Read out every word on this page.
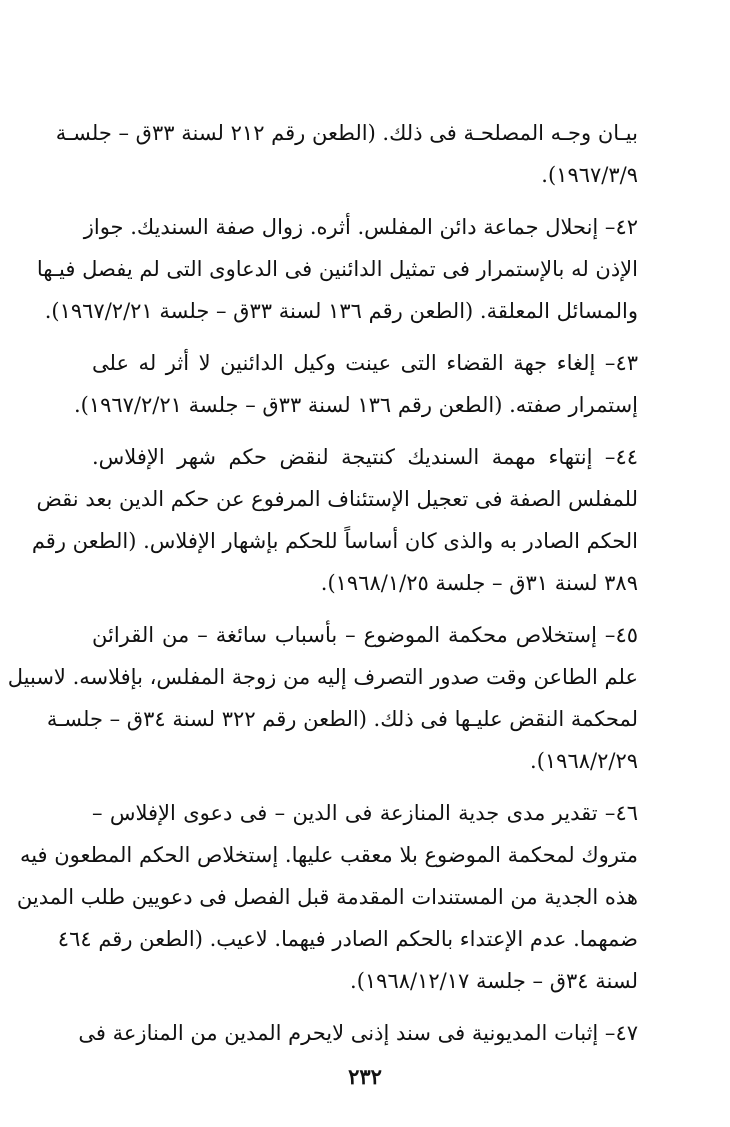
بيـان وجـه المصلحـة فى ذلك. (الطعن رقم ٢١٢ لسنة ٣٣ق – جلسـة
١٩٦٧/٣/٩).
٤٢– إنحلال جماعة دائن المفلس. أثره. زوال صفة السنديك. جواز
الإذن له بالإستمرار فى تمثيل الدائنين فى الدعاوى التى لم يفصل فيـها
والمسائل المعلقة. (الطعن رقم ١٣٦ لسنة ٣٣ق – جلسة ١٩٦٧/٢/٢١).
٤٣– إلغاء جهة القضاء التى عينت وكيل الدائنين لا أثر له على
إستمرار صفته. (الطعن رقم ١٣٦ لسنة ٣٣ق – جلسة ١٩٦٧/٢/٢١).
٤٤– إنتهاء مهمة السنديك كنتيجة لنقض حكم شهر الإفلاس.
للمفلس الصفة فى تعجيل الإستئناف المرفوع عن حكم الدين بعد نقض
الحكم الصادر به والذى كان أساساً للحكم بإشهار الإفلاس. (الطعن رقم
٣٨٩ لسنة ٣١ق – جلسة ١٩٦٨/١/٢٥).
٤٥– إستخلاص محكمة الموضوع – بأسباب سائغة – من القرائن
علم الطاعن وقت صدور التصرف إليه من زوجة المفلس، بإفلاسه. لاسبيل
لمحكمة النقض عليـها فى ذلك. (الطعن رقم ٣٢٢ لسنة ٣٤ق – جلسـة
١٩٦٨/٢/٢٩).
٤٦– تقدير مدى جدية المنازعة فى الدين – فى دعوى الإفلاس –
متروك لمحكمة الموضوع بلا معقب عليها. إستخلاص الحكم المطعون فيه
هذه الجدية من المستندات المقدمة قبل الفصل فى دعويين طلب المدين
ضمهما. عدم الإعتداء بالحكم الصادر فيهما. لاعيب. (الطعن رقم ٤٦٤
لسنة ٣٤ق – جلسة ١٩٦٨/١٢/١٧).
٤٧– إثبات المديونية فى سند إذنى لايحرم المدين من المنازعة فى
٢٣٢
